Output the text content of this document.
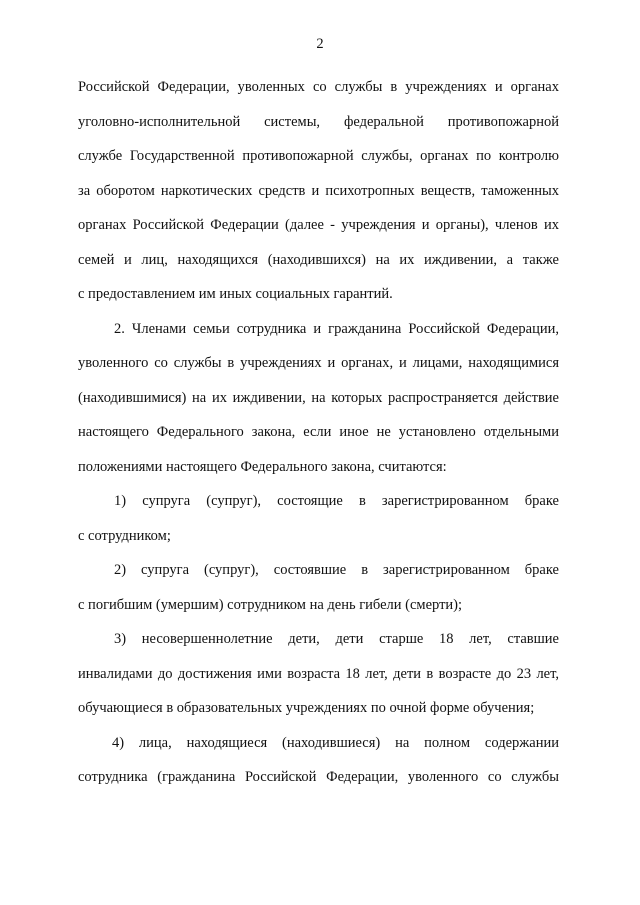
2
Российской Федерации, уволенных со службы в учреждениях и органах
уголовно-исполнительной системы, федеральной противопожарной
службе Государственной противопожарной службы, органах по контролю
за оборотом наркотических средств и психотропных веществ, таможенных
органах Российской Федерации (далее - учреждения и органы), членов их
семей и лиц, находящихся (находившихся) на их иждивении, а также
с предоставлением им иных социальных гарантий.
2. Членами семьи сотрудника и гражданина Российской Федерации,
уволенного со службы в учреждениях и органах, и лицами, находящимися
(находившимися) на их иждивении, на которых распространяется действие
настоящего Федерального закона, если иное не установлено отдельными
положениями настоящего Федерального закона, считаются:
1) супруга (супруг), состоящие в зарегистрированном браке
с сотрудником;
2) супруга (супруг), состоявшие в зарегистрированном браке
с погибшим (умершим) сотрудником на день гибели (смерти);
3) несовершеннолетние дети, дети старше 18 лет, ставшие
инвалидами до достижения ими возраста 18 лет, дети в возрасте до 23 лет,
обучающиеся в образовательных учреждениях по очной форме обучения;
4) лица, находящиеся (находившиеся) на полном содержании
сотрудника (гражданина Российской Федерации, уволенного со службы
